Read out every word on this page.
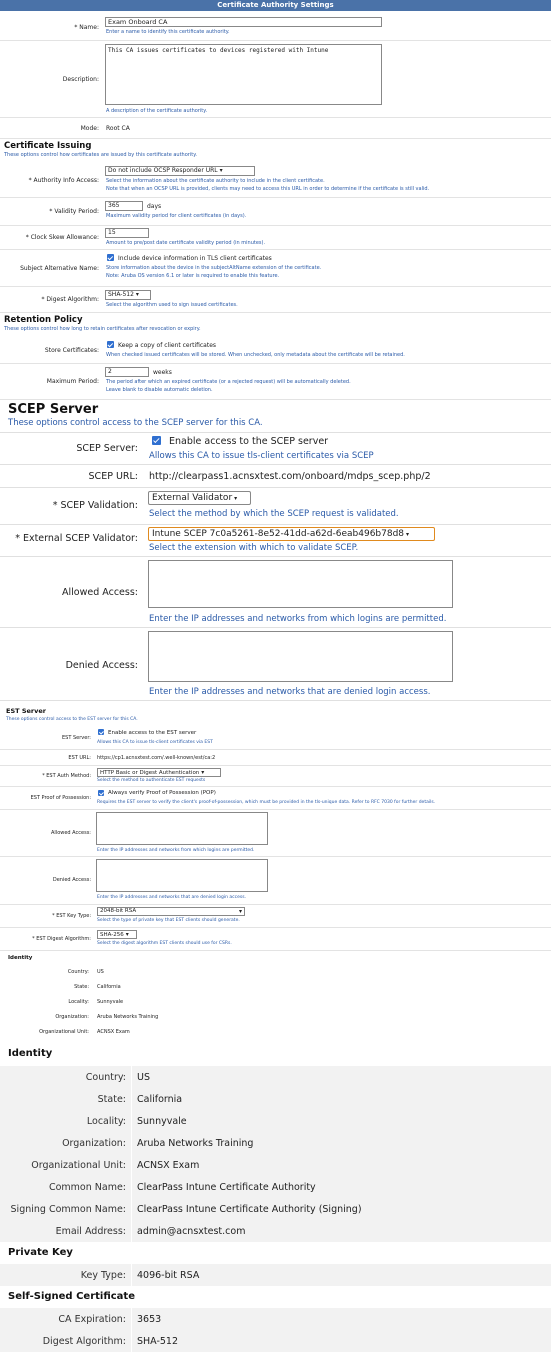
Certificate Authority Settings
* Name:
Exam Onboard CA
Enter a name to identify this certificate authority.
Description:
This CA issues certificates to devices registered with Intune
A description of the certificate authority.
Mode: Root CA
Certificate Issuing
These options control how certificates are issued by this certificate authority.
* Authority Info Access:
Do not include OCSP Responder URL ▾
Select the information about the certificate authority to include in the client certificate.
Note that when an OCSP URL is provided, clients may need to access this URL in order to determine if the certificate is still valid.
* Validity Period:
365	days
Maximum validity period for client certificates (in days).
* Clock Skew Allowance:
15
Amount to pre/post date certificate validity period (in minutes).
Subject Alternative Name:
Include device information in TLS client certificates
Store information about the device in the subjectAltName extension of the certificate.
Note: Aruba OS version 6.1 or later is required to enable this feature.
* Digest Algorithm:
SHA-512 ▾
Select the algorithm used to sign issued certificates.
Retention Policy
These options control how long to retain certificates after revocation or expiry.
Store Certificates:
Keep a copy of client certificates
When checked issued certificates will be stored. When unchecked, only metadata about the certificate will be retained.
Maximum Period:
2	weeks
The period after which an expired certificate (or a rejected request) will be automatically deleted.
Leave blank to disable automatic deletion.
SCEP Server
These options control access to the SCEP server for this CA.
SCEP Server:
Enable access to the SCEP server
Allows this CA to issue tls-client certificates via SCEP
SCEP URL: http://clearpass1.acnsxtest.com/onboard/mdps_scep.php/2
* SCEP Validation:
External Validator ▾
Select the method by which the SCEP request is validated.
* External SCEP Validator:	Intune SCEP 7c0a5261-8e52-41dd-a62d-6eab496b78d8 ▾
Select the extension with which to validate SCEP.
Allowed Access:
Enter the IP addresses and networks from which logins are permitted.
Denied Access:
Enter the IP addresses and networks that are denied login access.
EST Server
These options control access to the EST server for this CA.
EST Server:
Enable access to the EST server
Allows this CA to issue tls-client certificates via EST
EST URL: https://cp1.acnsxtest.com/.well-known/est/ca:2
* EST Auth Method:	HTTP Basic or Digest Authentication ▾
Select the method to authenticate EST requests
EST Proof of Possession:
Always verify Proof of Possession (POP)
Requires the EST server to verify the client's proof-of-possession, which must be provided in the tls-unique data. Refer to RFC 7030 for further details.
Allowed Access:
Enter the IP addresses and networks from which logins are permitted.
Denied Access:
Enter the IP addresses and networks that are denied login access.
* EST Key Type:
2048-bit RSA	▾
Select the type of private key that EST clients should generate.
* EST Digest Algorithm:
SHA-256 ▾
Select the digest algorithm EST clients should use for CSRs.
Identity
Country: US
State: California
Locality: Sunnyvale
Organization: Aruba Networks Training
Organizational Unit: ACNSX Exam
Identity
Country: US
State: California
Locality: Sunnyvale
Organization: Aruba Networks Training
Organizational Unit: ACNSX Exam
Common Name: ClearPass Intune Certificate Authority
Signing Common Name: ClearPass Intune Certificate Authority (Signing)
Email Address: admin@acnsxtest.com
Private Key
Key Type: 4096-bit RSA
Self-Signed Certificate
CA Expiration: 3653
Digest Algorithm: SHA-512
